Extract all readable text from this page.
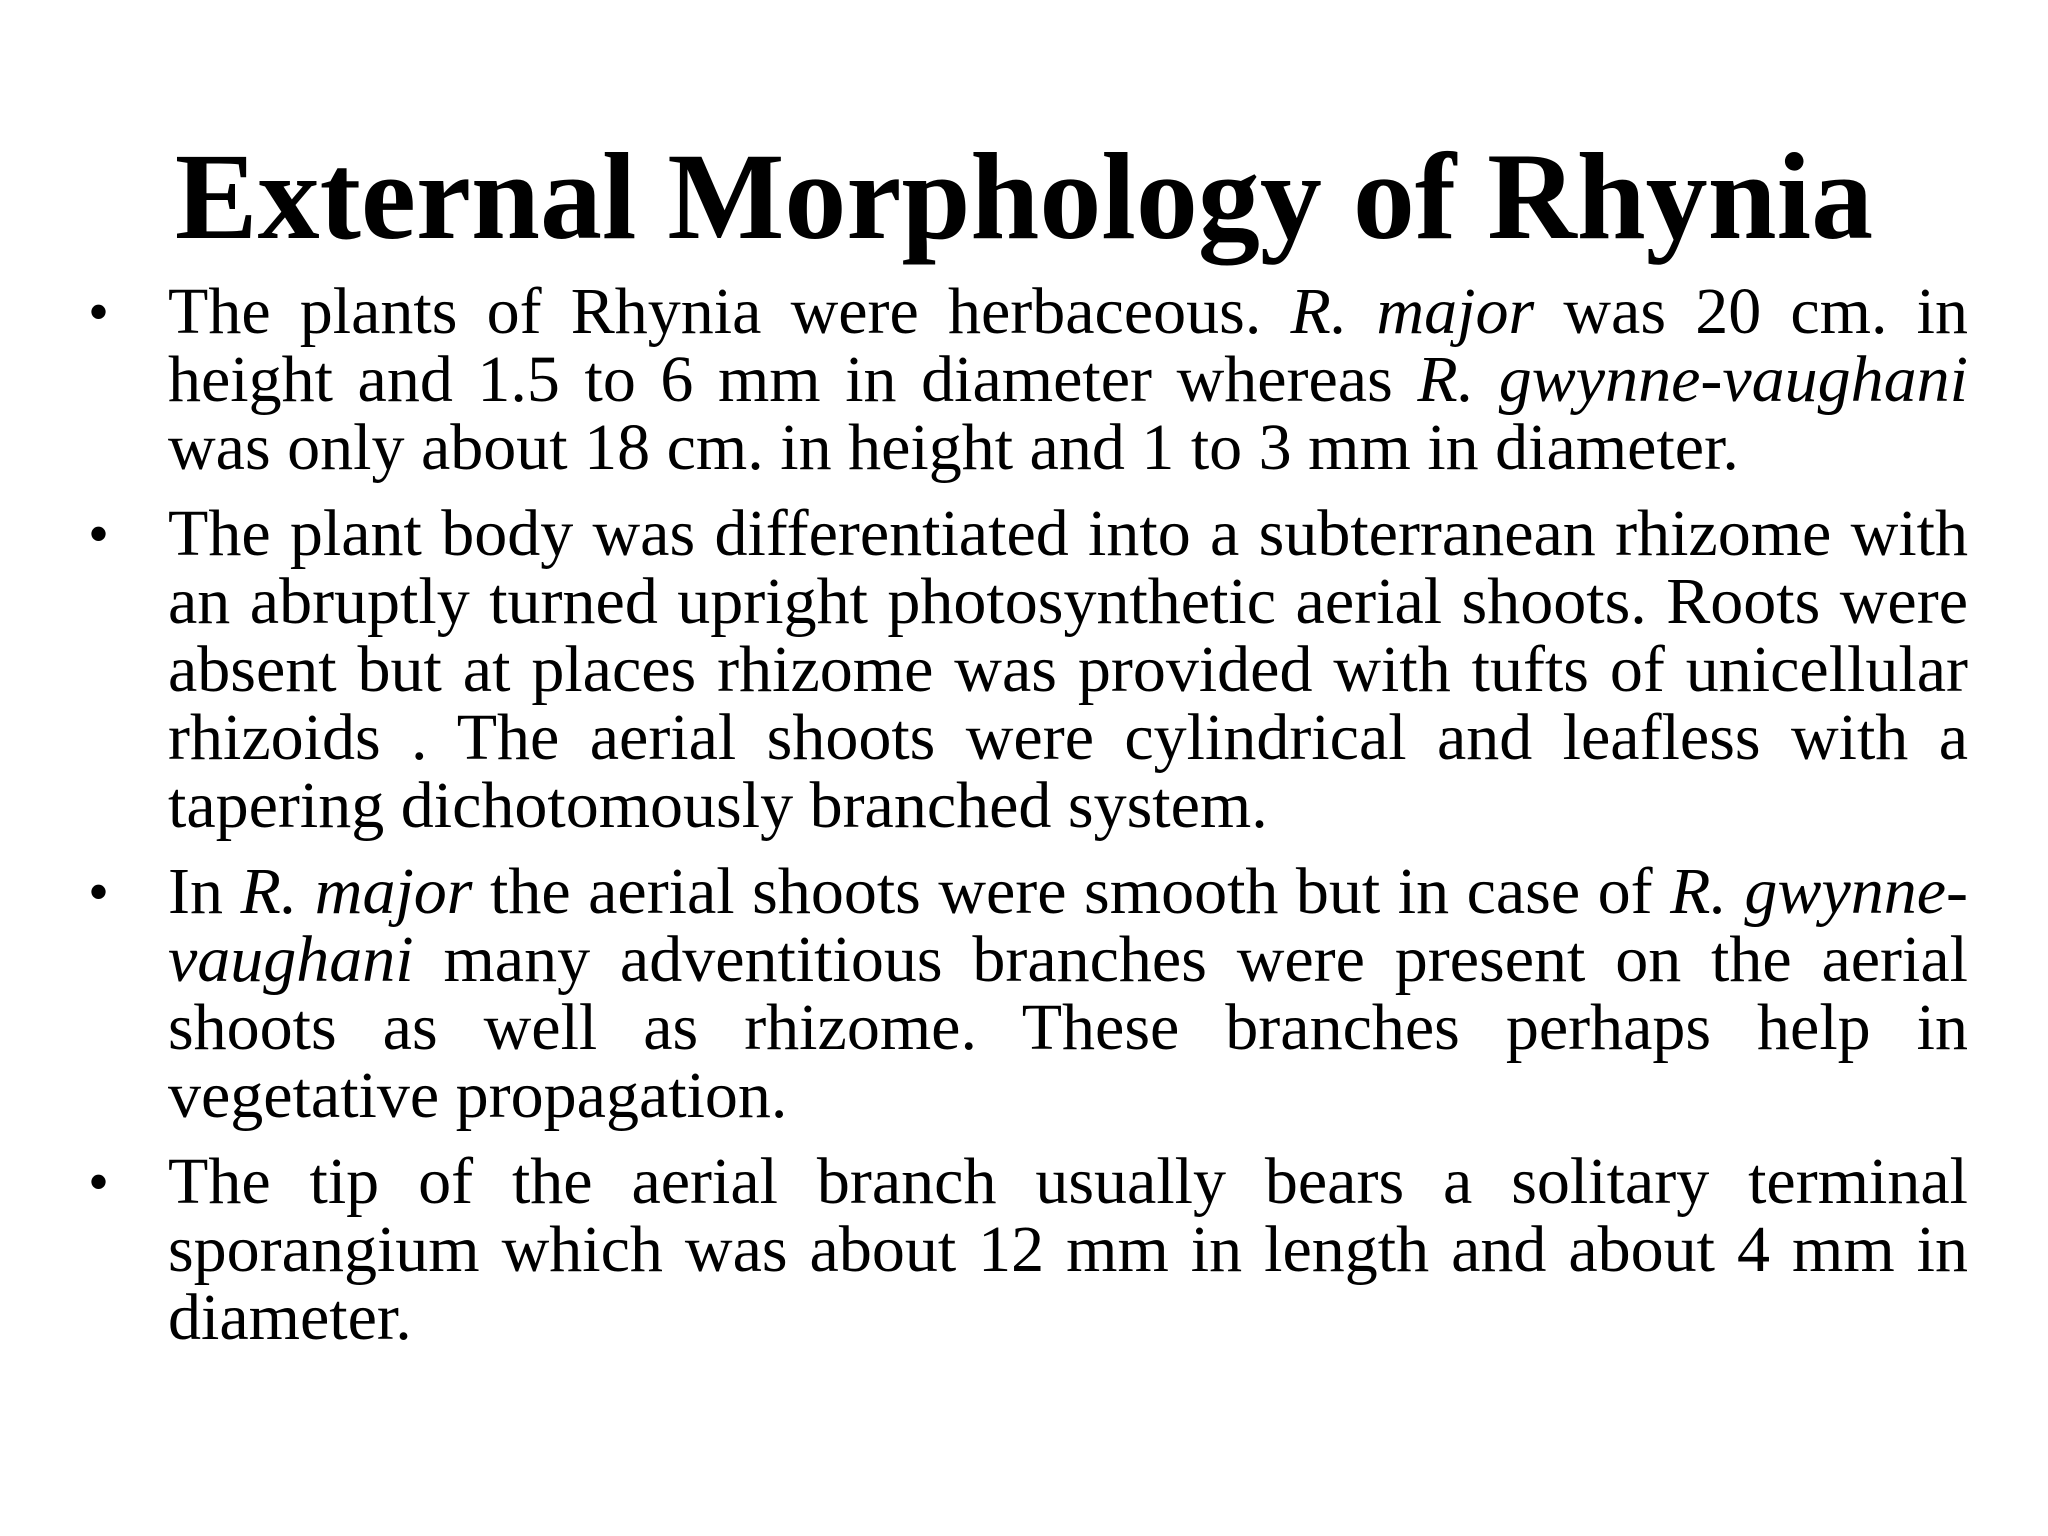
External Morphology of Rhynia
• The plants of Rhynia were herbaceous. R. major was 20 cm. in height and 1.5 to 6 mm in diameter whereas R. gwynne-vaughani was only about 18 cm. in height and 1 to 3 mm in diameter.
• The plant body was differentiated into a subterranean rhizome with an abruptly turned upright photosynthetic aerial shoots. Roots were absent but at places rhizome was provided with tufts of unicellular rhizoids . The aerial shoots were cylindrical and leafless with a tapering dichotomously branched system.
• In R. major the aerial shoots were smooth but in case of R. gwynne-vaughani many adventitious branches were present on the aerial shoots as well as rhizome. These branches perhaps help in vegetative propagation.
• The tip of the aerial branch usually bears a solitary terminal sporangium which was about 12 mm in length and about 4 mm in diameter.
